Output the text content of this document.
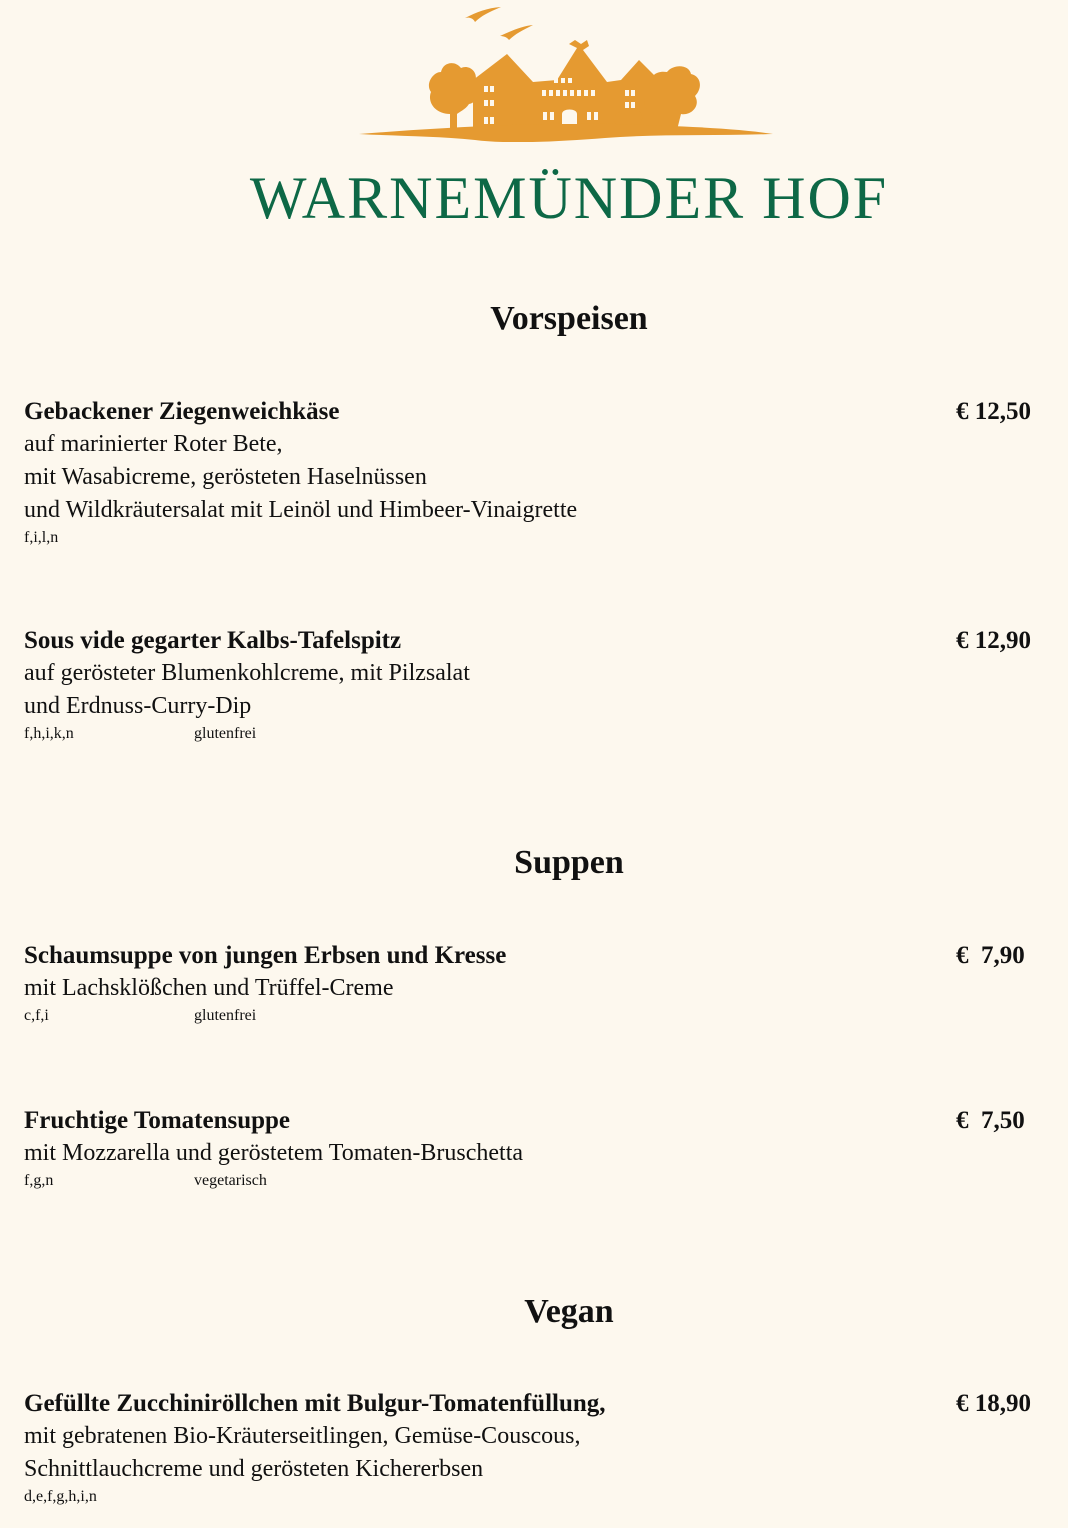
WARNEMÜNDER HOF
Vorspeisen
Gebackener Ziegenweichkäse
auf marinierter Roter Bete,
mit Wasabicreme, gerösteten Haselnüssen
und Wildkräutersalat mit Leinöl und Himbeer-Vinaigrette
f,i,l,n
€ 12,50
Sous vide gegarter Kalbs-Tafelspitz
auf gerösteter Blumenkohlcreme, mit Pilzsalat
und Erdnuss-Curry-Dip
f,h,i,k,n	glutenfrei
€ 12,90
Suppen
Schaumsuppe von jungen Erbsen und Kresse
mit Lachsklößchen und Trüffel-Creme
c,f,i	glutenfrei
€  7,90
Fruchtige Tomatensuppe
mit Mozzarella und geröstetem Tomaten-Bruschetta
f,g,n	vegetarisch
€  7,50
Vegan
Gefüllte Zucchiniröllchen mit Bulgur-Tomatenfüllung,
mit gebratenen Bio-Kräuterseitlingen, Gemüse-Couscous,
Schnittlauchcreme und gerösteten Kichererbsen
d,e,f,g,h,i,n
€ 18,90
